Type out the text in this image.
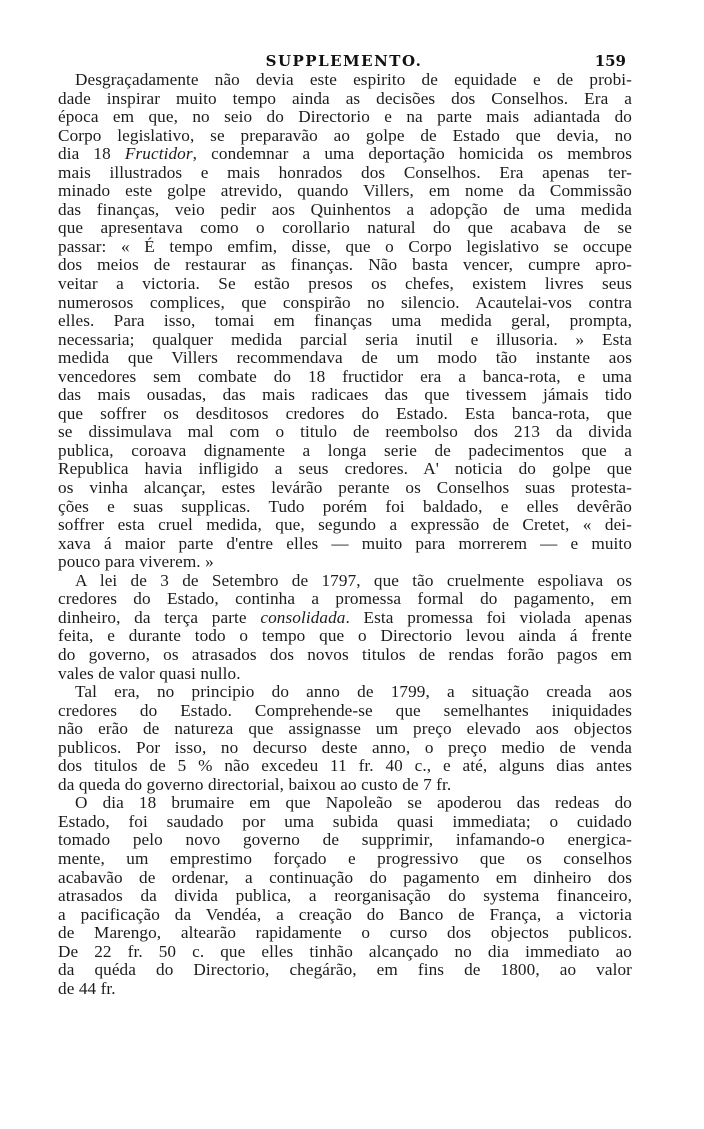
SUPPLEMENTO.	159
Desgraçadamente não devia este espirito de equidade e de probi-
dade inspirar muito tempo ainda as decisões dos Conselhos. Era a
época em que, no seio do Directorio e na parte mais adiantada do
Corpo legislativo, se preparavão ao golpe de Estado que devia, no
dia 18 Fructidor, condemnar a uma deportação homicida os membros
mais illustrados e mais honrados dos Conselhos. Era apenas ter-
minado este golpe atrevido, quando Villers, em nome da Commissão
das finanças, veio pedir aos Quinhentos a adopção de uma medida
que apresentava como o corollario natural do que acabava de se
passar: « É tempo emfim, disse, que o Corpo legislativo se occupe
dos meios de restaurar as finanças. Não basta vencer, cumpre apro-
veitar a victoria. Se estão presos os chefes, existem livres seus
numerosos complices, que conspirão no silencio. Acautelai-vos contra
elles. Para isso, tomai em finanças uma medida geral, prompta,
necessaria; qualquer medida parcial seria inutil e illusoria. » Esta
medida que Villers recommendava de um modo tão instante aos
vencedores sem combate do 18 fructidor era a banca-rota, e uma
das mais ousadas, das mais radicaes das que tivessem jámais tido
que soffrer os desditosos credores do Estado. Esta banca-rota, que
se dissimulava mal com o titulo de reembolso dos 213 da divida
publica, coroava dignamente a longa serie de padecimentos que a
Republica havia infligido a seus credores. A' noticia do golpe que
os vinha alcançar, estes levárão perante os Conselhos suas protesta-
ções e suas supplicas. Tudo porém foi baldado, e elles devêrão
soffrer esta cruel medida, que, segundo a expressão de Cretet, « dei-
xava á maior parte d'entre elles — muito para morrerem — e muito
pouco para viverem. »
A lei de 3 de Setembro de 1797, que tão cruelmente espoliava os
credores do Estado, continha a promessa formal do pagamento, em
dinheiro, da terça parte consolidada. Esta promessa foi violada apenas
feita, e durante todo o tempo que o Directorio levou ainda á frente
do governo, os atrasados dos novos titulos de rendas forão pagos em
vales de valor quasi nullo.
Tal era, no principio do anno de 1799, a situação creada aos
credores do Estado. Comprehende-se que semelhantes iniquidades
não erão de natureza que assignasse um preço elevado aos objectos
publicos. Por isso, no decurso deste anno, o preço medio de venda
dos titulos de 5 % não excedeu 11 fr. 40 c., e até, alguns dias antes
da queda do governo directorial, baixou ao custo de 7 fr.
O dia 18 brumaire em que Napoleão se apoderou das redeas do
Estado, foi saudado por uma subida quasi immediata; o cuidado
tomado pelo novo governo de supprimir, infamando-o energica-
mente, um emprestimo forçado e progressivo que os conselhos
acabavão de ordenar, a continuação do pagamento em dinheiro dos
atrasados da divida publica, a reorganisação do systema financeiro,
a pacificação da Vendéa, a creação do Banco de França, a victoria
de Marengo, altearão rapidamente o curso dos objectos publicos.
De 22 fr. 50 c. que elles tinhão alcançado no dia immediato ao
da quéda do Directorio, chegárão, em fins de 1800, ao valor
de 44 fr.
